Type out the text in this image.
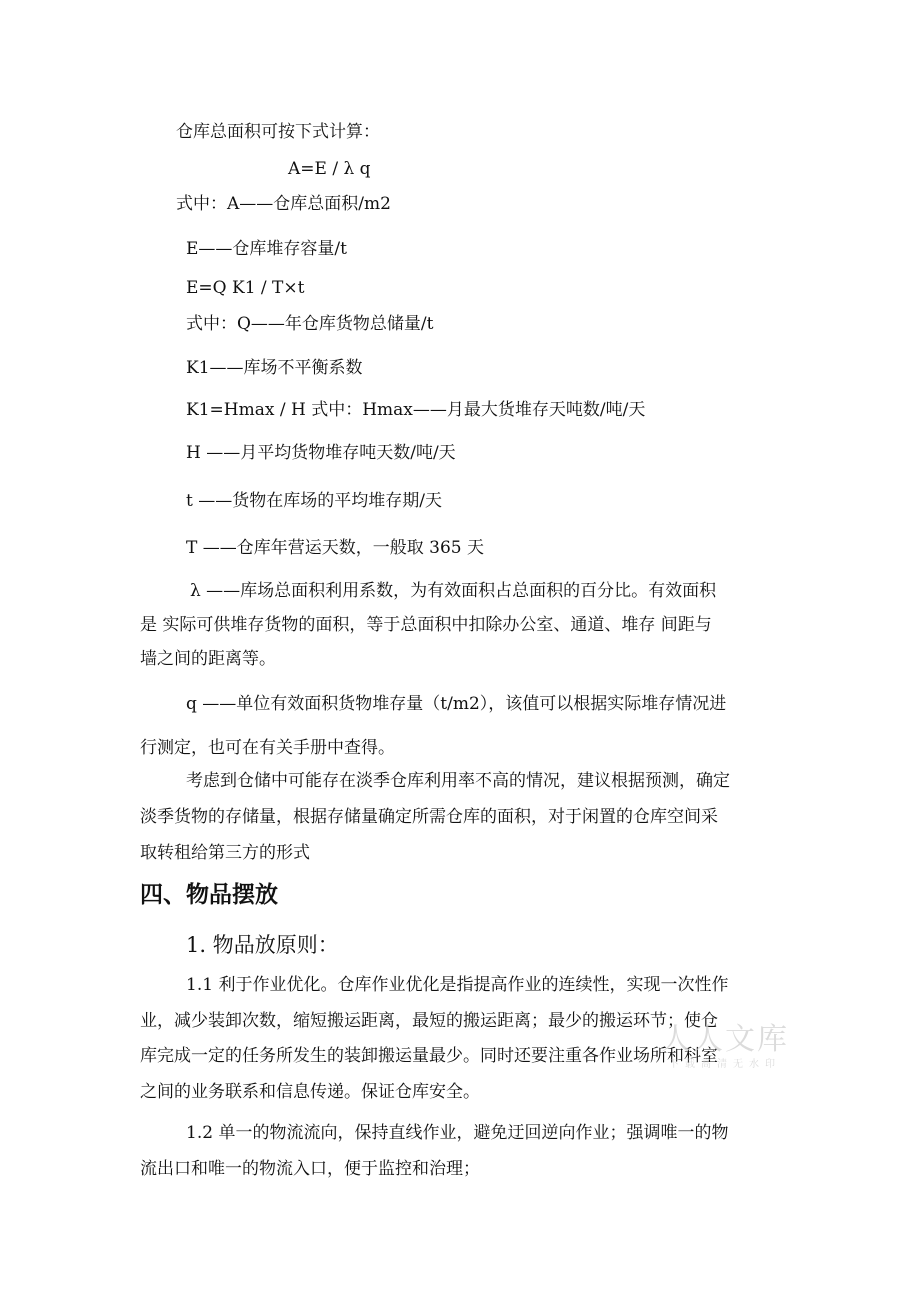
仓库总面积可按下式计算：
A=E / λ q
式中：A——仓库总面积/m2
E——仓库堆存容量/t
E=Q K1 / T×t
式中：Q——年仓库货物总储量/t
K1——库场不平衡系数
K1=Hmax / H 式中：Hmax——月最大货堆存天吨数/吨/天
H ——月平均货物堆存吨天数/吨/天
t ——货物在库场的平均堆存期/天
T ——仓库年营运天数，一般取 365 天
λ ——库场总面积利用系数，为有效面积占总面积的百分比。有效面积
是 实际可供堆存货物的面积，等于总面积中扣除办公室、通道、堆存 间距与
墙之间的距离等。
q ——单位有效面积货物堆存量（t/m2），该值可以根据实际堆存情况进
行测定，也可在有关手册中查得。
考虑到仓储中可能存在淡季仓库利用率不高的情况，建议根据预测，确定
淡季货物的存储量，根据存储量确定所需仓库的面积，对于闲置的仓库空间采
取转租给第三方的形式
四、物品摆放
1. 物品放原则：
1.1 利于作业优化。仓库作业优化是指提高作业的连续性，实现一次性作
业，减少装卸次数，缩短搬运距离，最短的搬运距离；最少的搬运环节；使仓
库完成一定的任务所发生的装卸搬运量最少。同时还要注重各作业场所和科室
之间的业务联系和信息传递。保证仓库安全。
1.2 单一的物流流向，保持直线作业，避免迂回逆向作业；强调唯一的物
流出口和唯一的物流入口，便于监控和治理；
人人文库
下载高清无水印
